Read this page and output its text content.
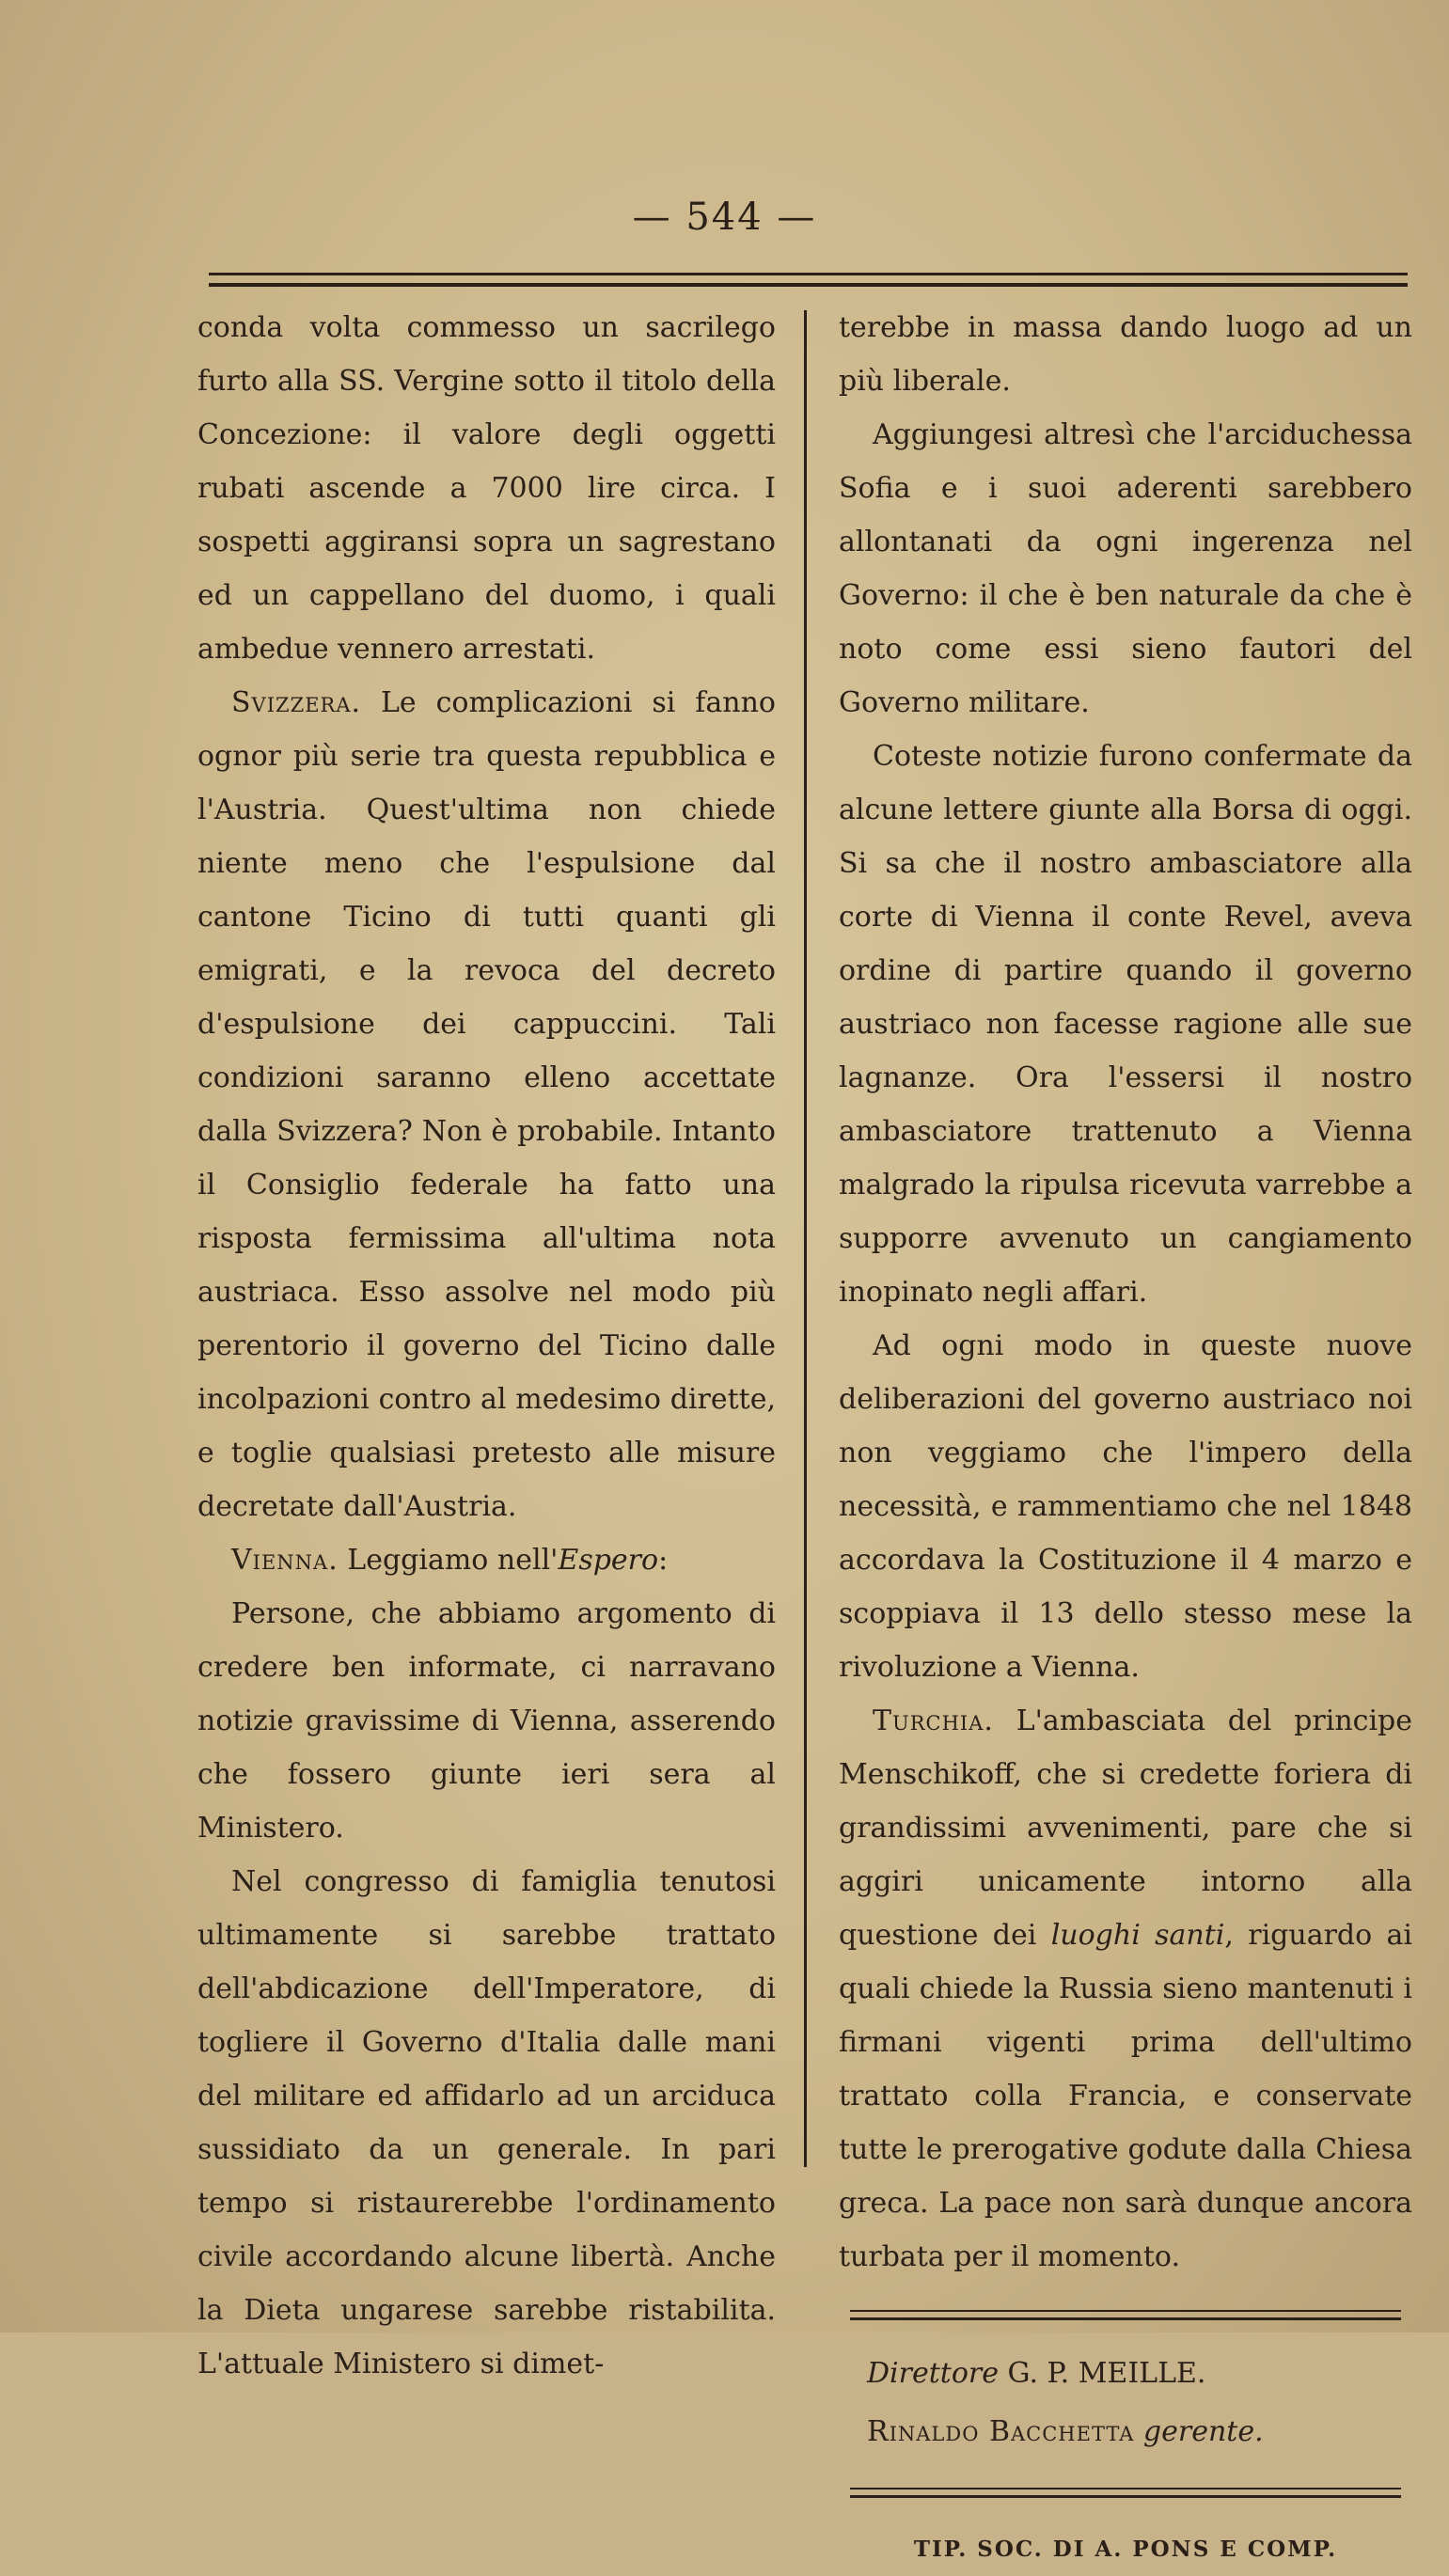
— 544 —

conda volta commesso un sacrilego furto alla SS. Vergine sotto il titolo della Concezione: il valore degli oggetti rubati ascende a 7000 lire circa. I sospetti aggiransi sopra un sagrestano ed un cappellano del duomo, i quali ambedue vennero arrestati.

Svizzera. Le complicazioni si fanno ognor più serie tra questa repubblica e l'Austria. Quest'ultima non chiede niente meno che l'espulsione dal cantone Ticino di tutti quanti gli emigrati, e la revoca del decreto d'espulsione dei cappuccini. Tali condizioni saranno elleno accettate dalla Svizzera? Non è probabile. Intanto il Consiglio federale ha fatto una risposta fermissima all'ultima nota austriaca. Esso assolve nel modo più perentorio il governo del Ticino dalle incolpazioni contro al medesimo dirette, e toglie qualsiasi pretesto alle misure decretate dall'Austria.

Vienna. Leggiamo nell'Espero:

Persone, che abbiamo argomento di credere ben informate, ci narravano notizie gravissime di Vienna, asserendo che fossero giunte ieri sera al Ministero.

Nel congresso di famiglia tenutosi ultimamente si sarebbe trattato dell'abdicazione dell'Imperatore, di togliere il Governo d'Italia dalle mani del militare ed affidarlo ad un arciduca sussidiato da un generale. In pari tempo si ristaurerebbe l'ordinamento civile accordando alcune libertà. Anche la Dieta ungarese sarebbe ristabilita. L'attuale Ministero si dimet-

terebbe in massa dando luogo ad un più liberale.

Aggiungesi altresì che l'arciduchessa Sofia e i suoi aderenti sarebbero allontanati da ogni ingerenza nel Governo: il che è ben naturale da che è noto come essi sieno fautori del Governo militare.

Coteste notizie furono confermate da alcune lettere giunte alla Borsa di oggi. Si sa che il nostro ambasciatore alla corte di Vienna il conte Revel, aveva ordine di partire quando il governo austriaco non facesse ragione alle sue lagnanze. Ora l'essersi il nostro ambasciatore trattenuto a Vienna malgrado la ripulsa ricevuta varrebbe a supporre avvenuto un cangiamento inopinato negli affari.

Ad ogni modo in queste nuove deliberazioni del governo austriaco noi non veggiamo che l'impero della necessità, e rammentiamo che nel 1848 accordava la Costituzione il 4 marzo e scoppiava il 13 dello stesso mese la rivoluzione a Vienna.

Turchia. L'ambasciata del principe Menschikoff, che si credette foriera di grandissimi avvenimenti, pare che si aggiri unicamente intorno alla questione dei luoghi santi, riguardo ai quali chiede la Russia sieno mantenuti i firmani vigenti prima dell'ultimo trattato colla Francia, e conservate tutte le prerogative godute dalla Chiesa greca. La pace non sarà dunque ancora turbata per il momento.

Direttore G. P. MEILLE.

Rinaldo Bacchetta gerente.

TIP. SOC. DI A. PONS E COMP.
